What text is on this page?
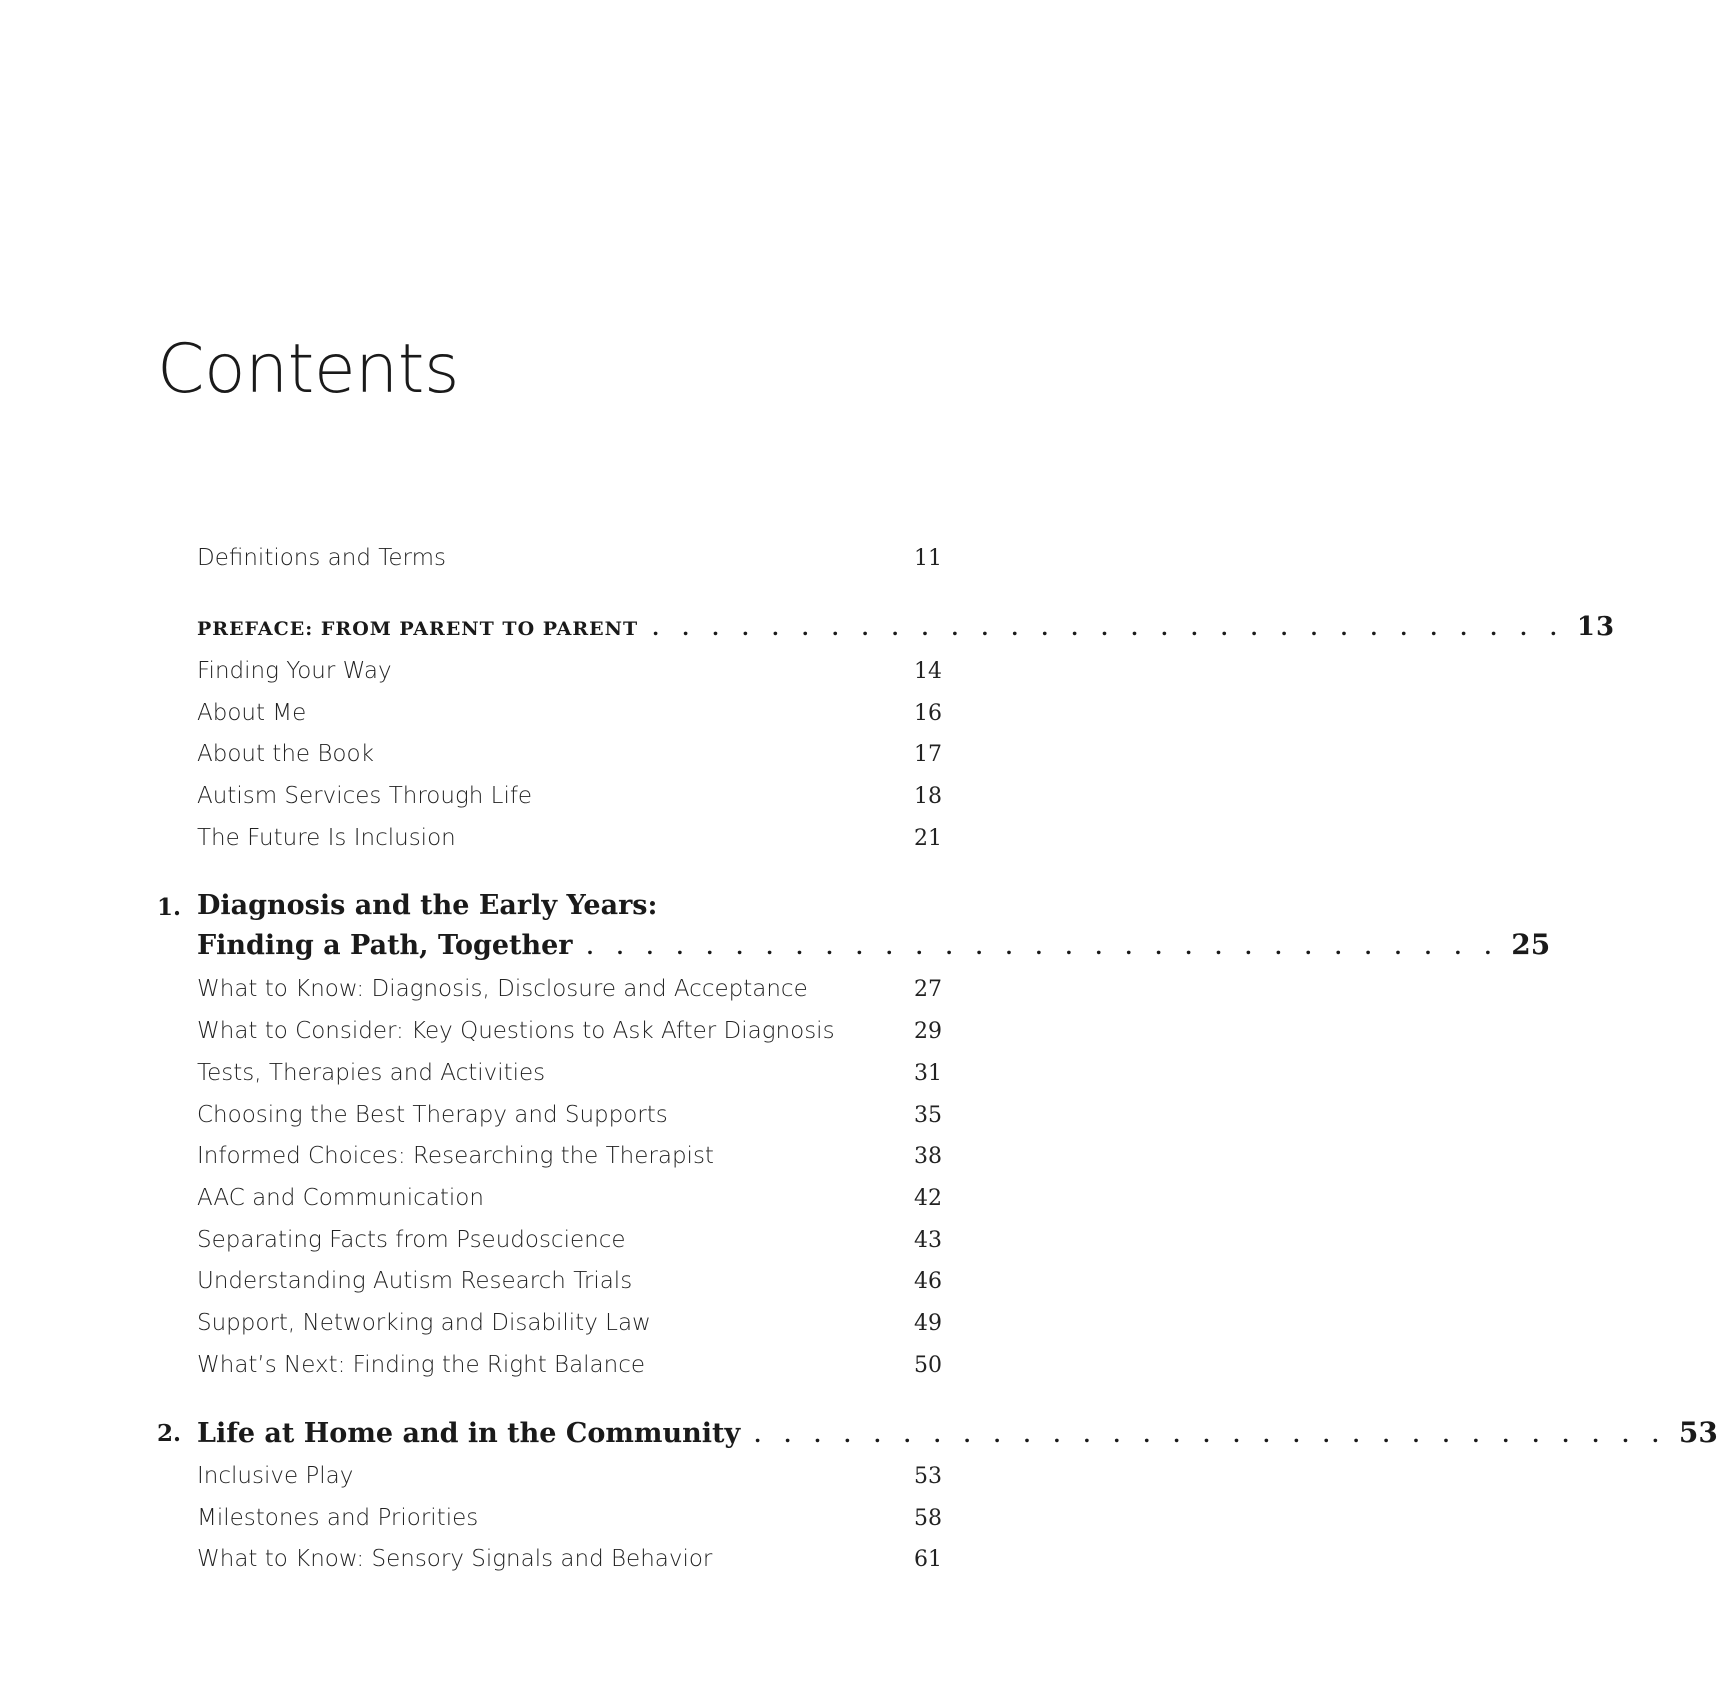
Contents
Definitions and Terms	11
PREFACE: FROM PARENT TO PARENT . . . . . . . . . . . . . . . . . . . . . . . . . . . . . . . 13
Finding Your Way	14
About Me	16
About the Book	17
Autism Services Through Life	18
The Future Is Inclusion	21
1. Diagnosis and the Early Years:
Finding a Path, Together . . . . . . . . . . . . . . . . . . . . . . . . . . . . . . . 25
What to Know: Diagnosis, Disclosure and Acceptance	27
What to Consider: Key Questions to Ask After Diagnosis	29
Tests, Therapies and Activities	31
Choosing the Best Therapy and Supports	35
Informed Choices: Researching the Therapist	38
AAC and Communication	42
Separating Facts from Pseudoscience	43
Understanding Autism Research Trials	46
Support, Networking and Disability Law	49
What’s Next: Finding the Right Balance	50
2. Life at Home and in the Community . . . . . . . . . . . . . . . . . . . . . . . . . . . . . . . 53
Inclusive Play	53
Milestones and Priorities	58
What to Know: Sensory Signals and Behavior	61
